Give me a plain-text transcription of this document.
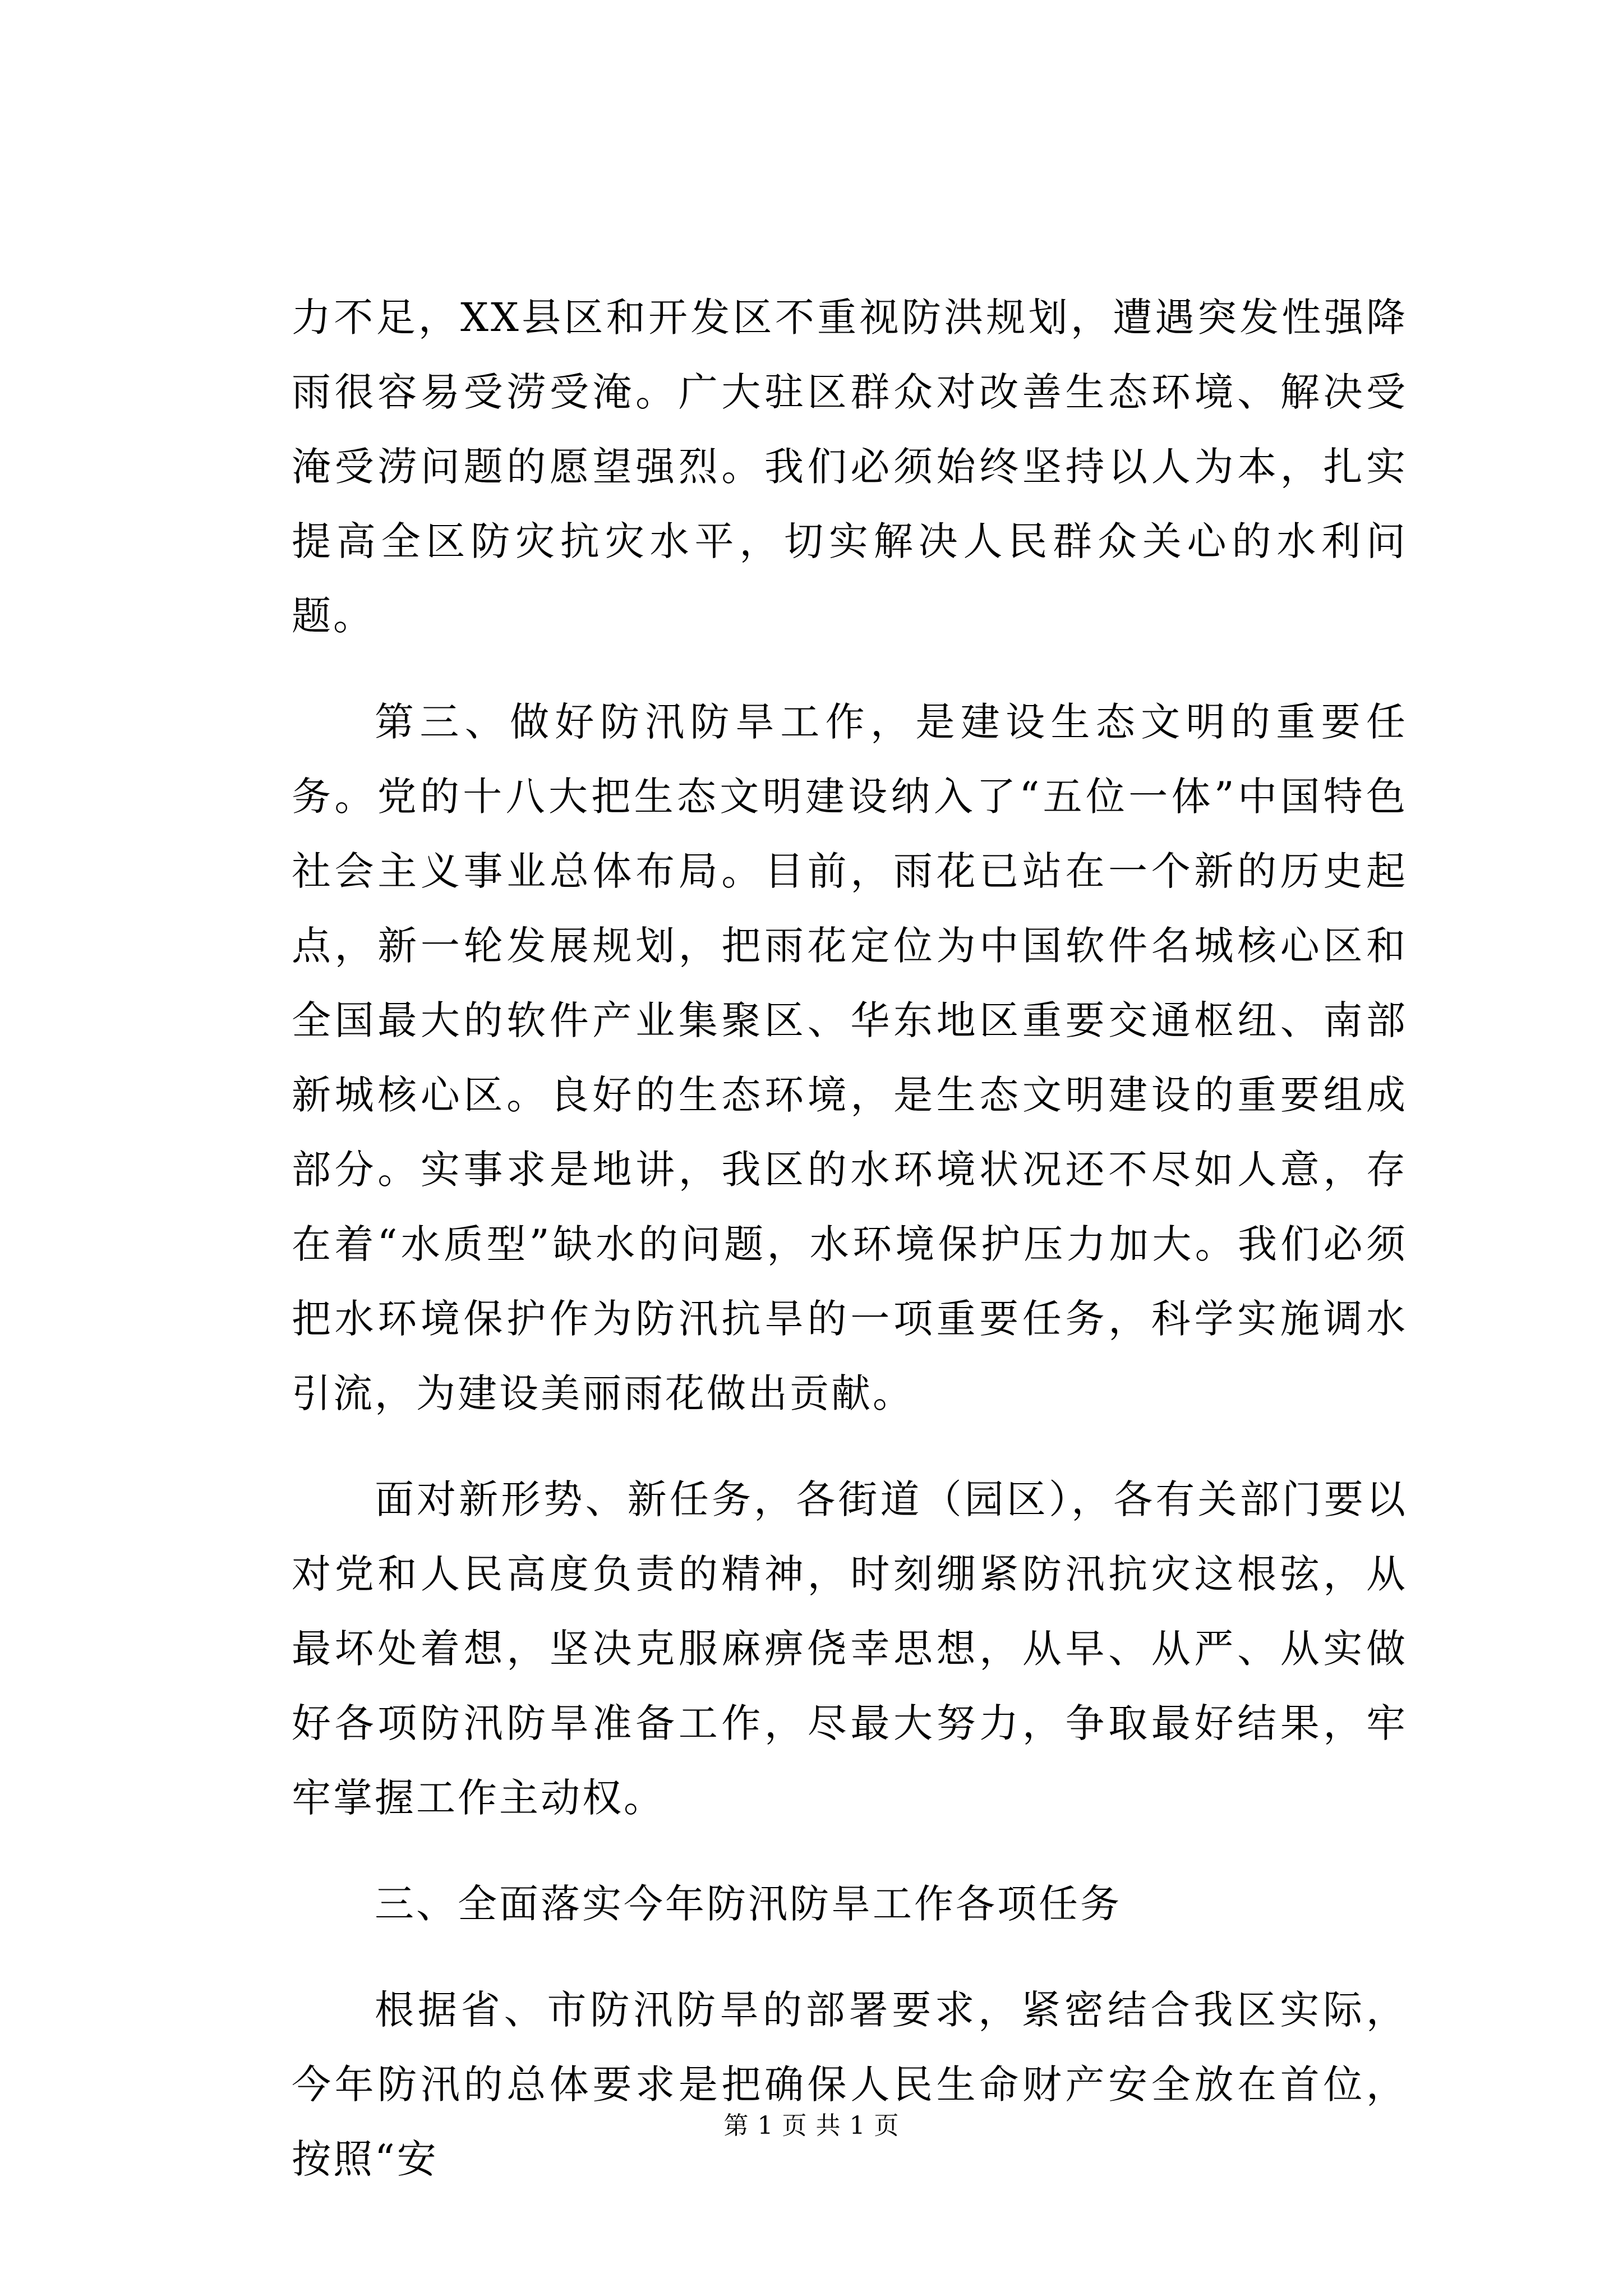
力不足，XX县区和开发区不重视防洪规划，遭遇突发性强降雨很容易受涝受淹。广大驻区群众对改善生态环境、解决受淹受涝问题的愿望强烈。我们必须始终坚持以人为本，扎实提高全区防灾抗灾水平，切实解决人民群众关心的水利问题。

第三、做好防汛防旱工作，是建设生态文明的重要任务。党的十八大把生态文明建设纳入了“五位一体”中国特色社会主义事业总体布局。目前，雨花已站在一个新的历史起点，新一轮发展规划，把雨花定位为中国软件名城核心区和全国最大的软件产业集聚区、华东地区重要交通枢纽、南部新城核心区。良好的生态环境，是生态文明建设的重要组成部分。实事求是地讲，我区的水环境状况还不尽如人意，存在着“水质型”缺水的问题，水环境保护压力加大。我们必须把水环境保护作为防汛抗旱的一项重要任务，科学实施调水引流，为建设美丽雨花做出贡献。

面对新形势、新任务，各街道（园区），各有关部门要以对党和人民高度负责的精神，时刻绷紧防汛抗灾这根弦，从最坏处着想，坚决克服麻痹侥幸思想，从早、从严、从实做好各项防汛防旱准备工作，尽最大努力，争取最好结果，牢牢掌握工作主动权。

三、全面落实今年防汛防旱工作各项任务

根据省、市防汛防旱的部署要求，紧密结合我区实际，今年防汛的总体要求是把确保人民生命财产安全放在首位，按照“安

第 1 页 共 1 页
